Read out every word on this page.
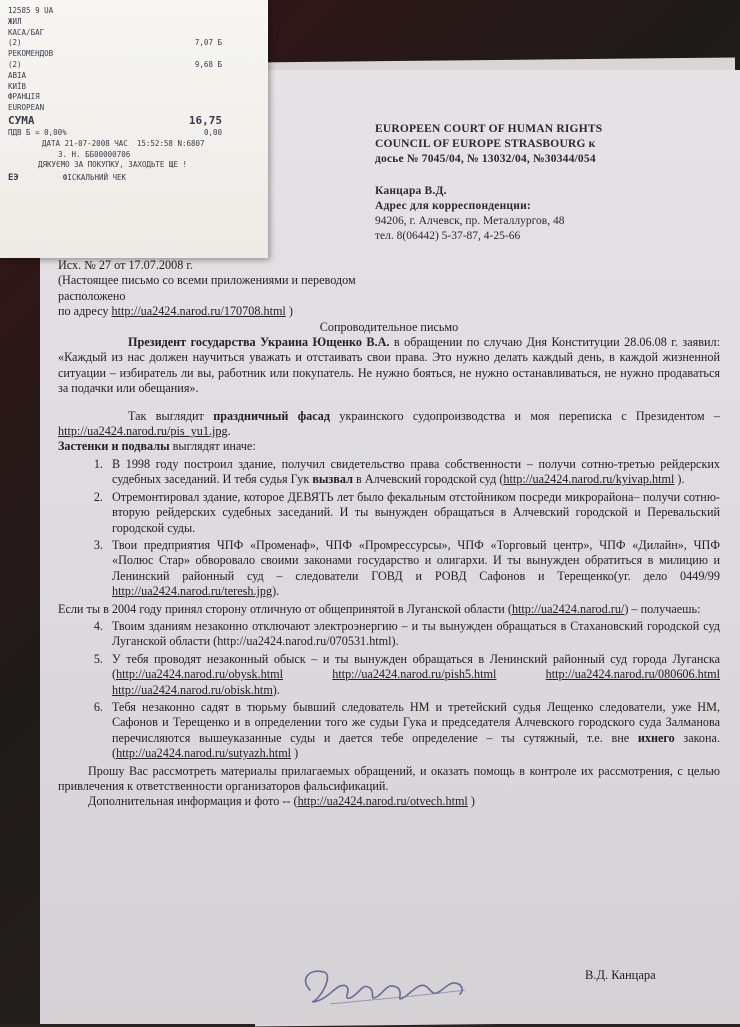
12585 9 UA
ЖИЛ
КАСА/БАГ
(2)	7,07 Б
РЕКОМЕНДОВ
(2)	9,68 Б
АВІА
КИЇВ
ФРАНЦІЯ
EUROPEAN
СУМА	16,75
ПДВ Б = 0,00%	0,00
ДАТА 21-07-2008 ЧАС  15:52:58 N:6807
З. Н. ББ00000706
ДЯКУЄМО ЗА ПОКУПКУ, ЗАХОДЬТЕ ЩЕ !
ЕЭ	ФІСКАЛЬНИЙ ЧЕК
EUROPEEN COURT OF HUMAN RIGHTS
COUNCIL OF EUROPE STRASBOURG к
досье № 7045/04, № 13032/04, №30344/054
Канцара В.Д.
Адрес для корреспонденции:
94206, г. Алчевск, пр. Металлургов, 48
тел. 8(06442) 5-37-87, 4-25-66

Исх. № 27 от 17.07.2008 г.

(Настоящее письмо со всеми приложениями и переводом расположено

по адресу http://ua2424.narod.ru/170708.html )

Сопроводительное письмо

Президент государства Украина Ющенко В.А. в обращении по случаю Дня Конституции 28.06.08 г. заявил: «Каждый из нас должен научиться уважать и отстаивать свои права. Это нужно делать каждый день, в каждой жизненной ситуации – избиратель ли вы, работник или покупатель. Не нужно бояться, не нужно останавливаться, не нужно продаваться за подачки или обещания».

Так выглядит праздничный фасад украинского судопроизводства и моя переписка с Президентом – http://ua2424.narod.ru/pis_yu1.jpg.

Застенки и подвалы выглядят иначе:

1. В 1998 году построил здание, получил свидетельство права собственности – получи сотню-третью рейдерских судебных заседаний. И тебя судья Гук вызвал в Алчевский городской суд (http://ua2424.narod.ru/kyivap.html ).
2. Отремонтировал здание, которое ДЕВЯТЬ лет было фекальным отстойником посреди микрорайона– получи сотню-вторую рейдерских судебных заседаний. И ты вынужден обращаться в Алчевский городской и Перевальский городской суды.
3. Твои предприятия ЧПФ «Променаф», ЧПФ «Промрессурсы», ЧПФ «Торговый центр», ЧПФ «Дилайн», ЧПФ «Полюс Стар» обворовало своими законами государство и олигархи. И ты вынужден обратиться в милицию и Ленинский районный суд – следователи ГОВД и РОВД Сафонов и Терещенко(уг. дело 0449/99 http://ua2424.narod.ru/teresh.jpg).

Если ты в 2004 году принял сторону отличную от общепринятой в Луганской области (http://ua2424.narod.ru/) – получаешь:

4. Твоим зданиям незаконно отключают электроэнергию – и ты вынужден обращаться в Стахановский городской суд Луганской области (http://ua2424.narod.ru/070531.html).
5. У тебя проводят незаконный обыск – и ты вынужден обращаться в Ленинский районный суд города Луганска (http://ua2424.narod.ru/obysk.html	http://ua2424.narod.ru/pish5.html	http://ua2424.narod.ru/080606.html http://ua2424.narod.ru/obisk.htm).
6. Тебя незаконно садят в тюрьму бывший следователь НМ и третейский судья Лещенко следователи, уже НМ, Сафонов и Терещенко и в определении того же судьи Гука и председателя Алчевского городского суда Залманова перечисляются вышеуказанные суды и дается тебе определение – ты сутяжный, т.е. вне ихнего закона. (http://ua2424.narod.ru/sutyazh.html )

Прошу Вас рассмотреть материалы прилагаемых обращений, и оказать помощь в контроле их рассмотрения, с целью привлечения к ответственности организаторов фальсификаций.

Дополнительная информация и фото -- (http://ua2424.narod.ru/otvech.html )

В.Д. Канцара
